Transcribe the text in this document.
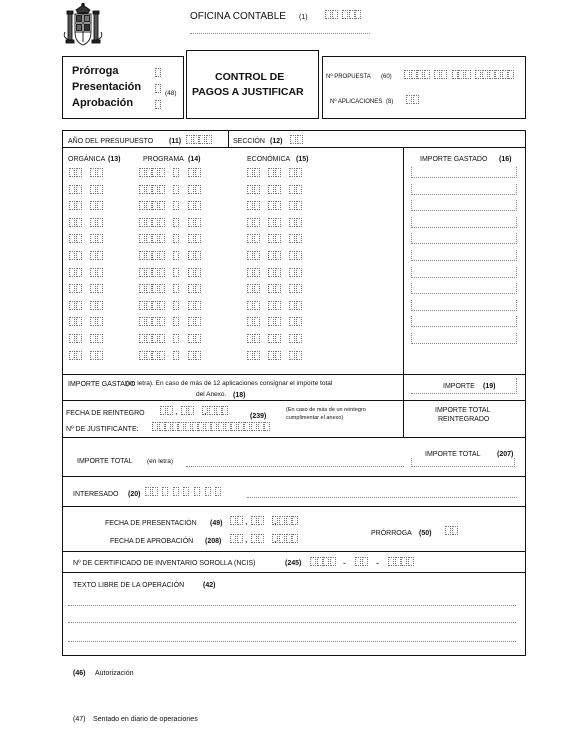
OFICINA CONTABLE (1)
Prórroga
Presentación
Aprobación
(48)
CONTROL DE
PAGOS A JUSTIFICAR
Nº PROPUESTA (60)
Nº APLICACIONES (8)
AÑO DEL PRESUPUESTO (11)	SECCIÓN (12)
ORGÁNICA (13)	PROGRAMA (14)	ECONÓMICA (15)	IMPORTE GASTADO (16)
IMPORTE GASTADO
(en letra). En caso de más de 12 aplicaciones consignar el importe total
del Anexo. (18)
IMPORTE (19)
FECHA DE REINTEGRO	,	,
(239)
(En caso de más de un reintegro
cumplimentar el anexo)
Nº DE JUSTIFICANTE:
IMPORTE TOTAL
REINTEGRADO
IMPORTE TOTAL (en letra)
IMPORTE TOTAL (207)
INTERESADO (20)
FECHA DE PRESENTACIÓN (49)	,	,
FECHA DE APROBACIÓN (208)	,	,
PRÓRROGA (50)
Nº DE CERTIFICADO DE INVENTARIO SOROLLA (NCIS)	(245)	-	-
TEXTO LIBRE DE LA OPERACIÓN	(42)
(46) Autorización
(47) Sentado en diario de operaciones
